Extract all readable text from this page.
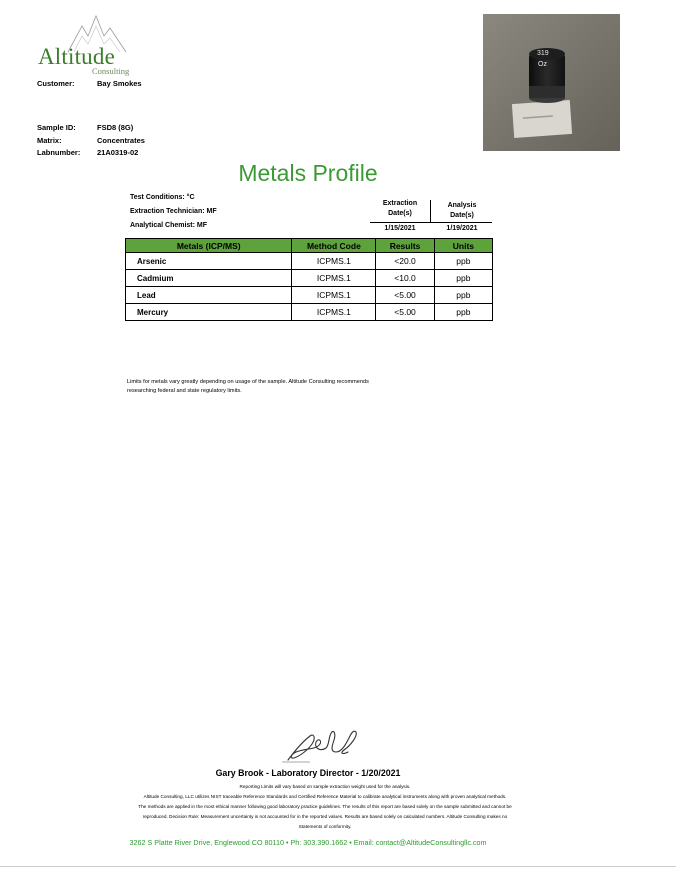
Altitude
Consulting
Customer:	Bay Smokes
Sample ID:	FSD8 (8G)
Matrix:	Concentrates
Labnumber: 21A0319-02
319
Oz
Metals Profile
Test Conditions: °C
Extraction Technician: MF
Analytical Chemist: MF
Extraction
Date(s)
Analysis
Date(s)
1/15/2021	1/19/2021
Metals (ICP/MS)	Method Code	Results	Units
Arsenic	ICPMS.1	<20.0	ppb
Cadmium	ICPMS.1	<10.0	ppb
Lead	ICPMS.1	<5.00	ppb
Mercury	ICPMS.1	<5.00	ppb
Limits for metals vary greatly depending on usage of the sample. Altitude Consulting recommends
researching federal and state regulatory limits.
Gary Brook - Laboratory Director - 1/20/2021
Reporting Limits will vary based on sample extraction weight used for the analysis.
Altitude Consulting, LLC utilizes NIST traceable Reference Standards and Certified Reference Material to calibrate analytical instruments along with proven analytical methods.
The methods are applied in the most ethical manner following good laboratory practice guidelines. The results of this report are based solely on the sample submitted and cannot be
reproduced. Decision Rule: Measurement uncertainty is not accounted for in the reported values. Results are based solely on calculated numbers. Altitude Consulting makes no
Statements of conformity.
3262 S Platte River Drive, Englewood CO 80110 • Ph: 303.390.1662 • Email: contact@AltitudeConsultingllc.com
